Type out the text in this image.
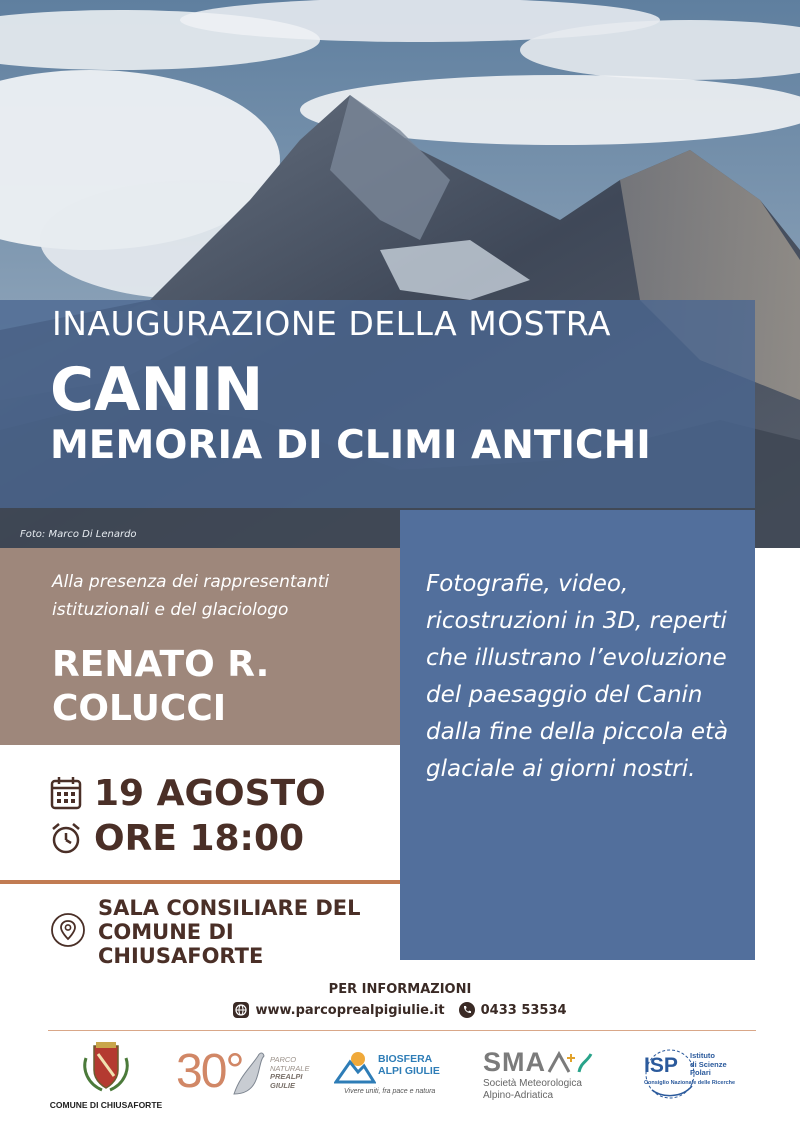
Foto: Marco Di Lenardo
INAUGURAZIONE DELLA MOSTRA
CANIN
MEMORIA DI CLIMI ANTICHI
Alla presenza dei rappresentanti istituzionali e del glaciologo
RENATO R.
COLUCCI
Fotografie, video, ricostruzioni in 3D, reperti che illustrano l’evoluzione del paesaggio del Canin dalla fine della piccola età glaciale ai giorni nostri.
19 AGOSTO
ORE 18:00
SALA CONSILIARE DEL
COMUNE DI
CHIUSAFORTE
PER INFORMAZIONI
www.parcoprealpigiulie.it	0433 53534
COMUNE DI CHIUSAFORTE
30°	PARCO
NATURALE
PREALPI
GIULIE
BIOSFERA
ALPI GIULIE
Vivere uniti, fra pace e natura
SMA
Società Meteorologica
Alpino-Adriatica
ISP Istituto
di Scienze
Polari
Consiglio Nazionale delle Ricerche
